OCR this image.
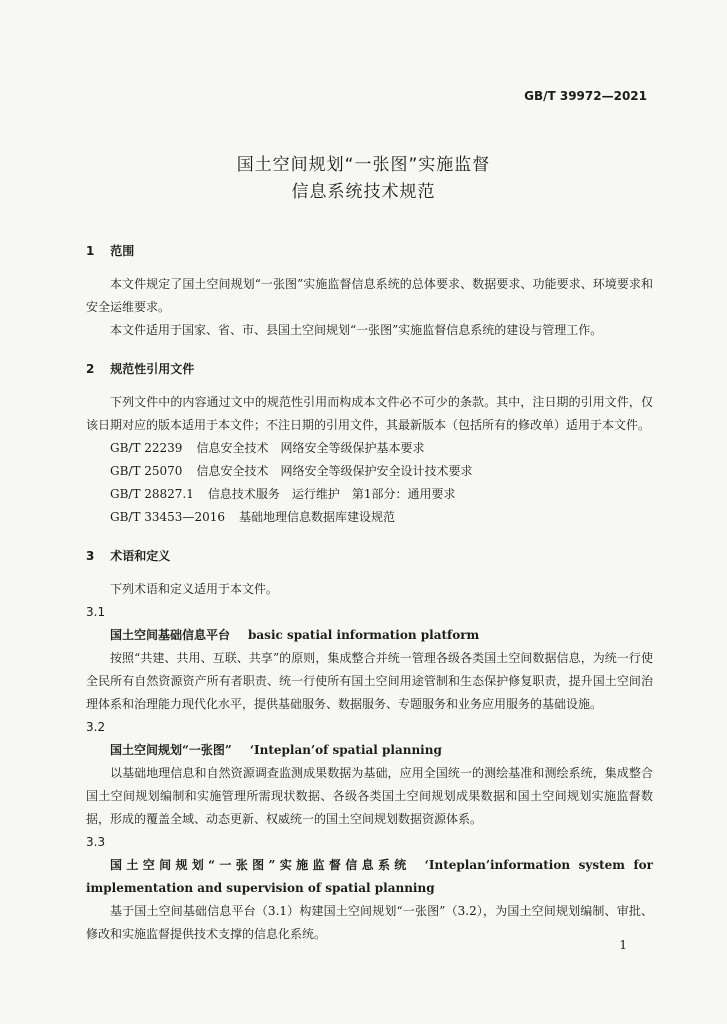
GB/T 39972—2021
国土空间规划“一张图”实施监督
信息系统技术规范
1 范围

本文件规定了国土空间规划“一张图”实施监督信息系统的总体要求、数据要求、功能要求、环境要求和安全运维要求。

本文件适用于国家、省、市、县国土空间规划“一张图”实施监督信息系统的建设与管理工作。

2 规范性引用文件

下列文件中的内容通过文中的规范性引用而构成本文件必不可少的条款。其中，注日期的引用文件，仅该日期对应的版本适用于本文件；不注日期的引用文件，其最新版本（包括所有的修改单）适用于本文件。

GB/T 22239 信息安全技术　网络安全等级保护基本要求

GB/T 25070 信息安全技术　网络安全等级保护安全设计技术要求

GB/T 28827.1 信息技术服务　运行维护　第1部分：通用要求

GB/T 33453—2016 基础地理信息数据库建设规范

3 术语和定义

下列术语和定义适用于本文件。

3.1

国土空间基础信息平台 basic spatial information platform

按照“共建、共用、互联、共享”的原则，集成整合并统一管理各级各类国土空间数据信息，为统一行使全民所有自然资源资产所有者职责、统一行使所有国土空间用途管制和生态保护修复职责，提升国土空间治理体系和治理能力现代化水平，提供基础服务、数据服务、专题服务和业务应用服务的基础设施。

3.2

国土空间规划“一张图” ‘Inteplan’of spatial planning

以基础地理信息和自然资源调查监测成果数据为基础，应用全国统一的测绘基准和测绘系统，集成整合国土空间规划编制和实施管理所需现状数据、各级各类国土空间规划成果数据和国土空间规划实施监督数据，形成的覆盖全域、动态更新、权威统一的国土空间规划数据资源体系。

3.3

国土空间规划“一张图”实施监督信息系统 ‘Inteplan’information system for implementation and supervision of spatial planning

基于国土空间基础信息平台（3.1）构建国土空间规划“一张图”（3.2），为国土空间规划编制、审批、修改和实施监督提供技术支撑的信息化系统。

1
